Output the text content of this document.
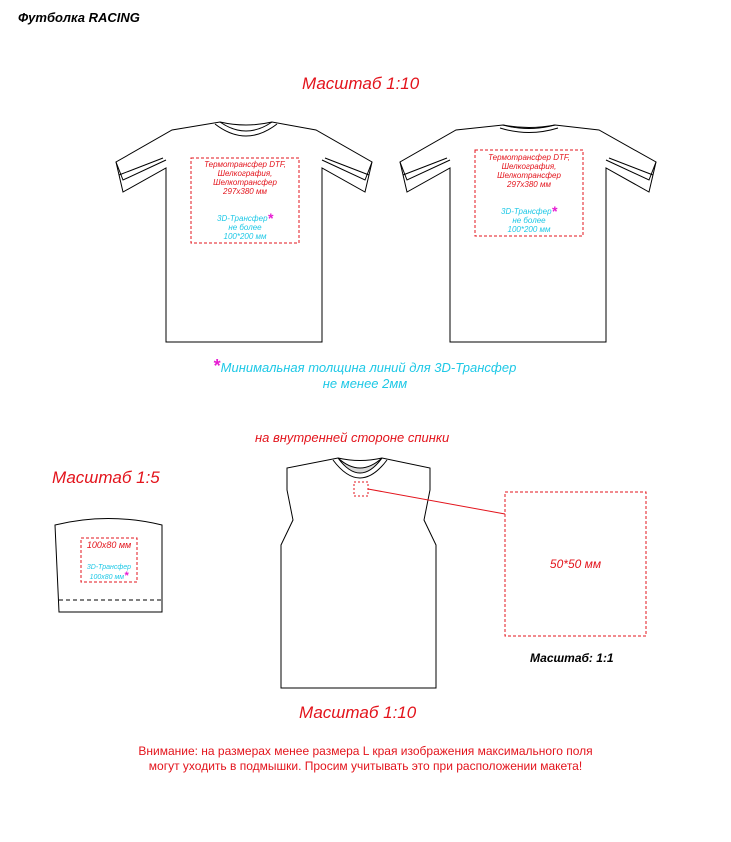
Футболка RACING
Масштаб 1:10
Термотрансфер DTF,
Шелкография,
Шелкотрансфер
297х380 мм
3D-Трансфер*
не более
100*200 мм
Термотрансфер DTF,
Шелкография,
Шелкотрансфер
297х380 мм
3D-Трансфер*
не более
100*200 мм
*Минимальная толщина линий для 3D-Трансфер
не менее 2мм
на внутренней стороне спинки
Масштаб 1:5
100х80 мм
3D-Трансфер
100х80 мм*
50*50 мм
Масштаб: 1:1
Масштаб 1:10
Внимание: на размерах менее размера L края изображения максимального поля
могут уходить в подмышки. Просим учитывать это при расположении макета!
